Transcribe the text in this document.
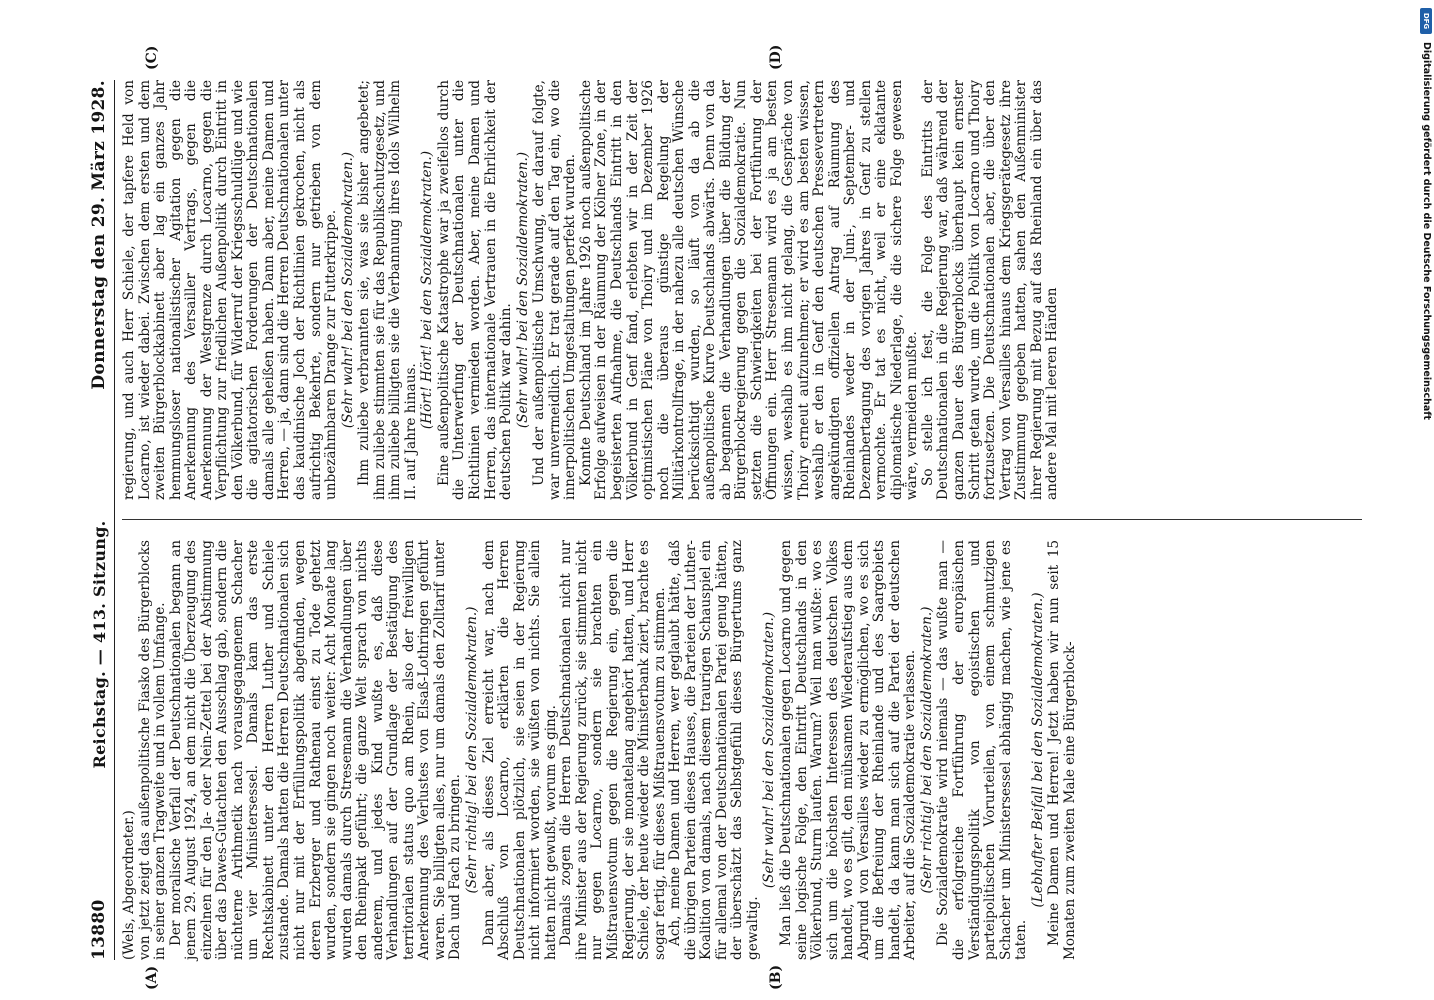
13880
Reichstag. — 413. Sitzung.
Donnerstag den 29. März 1928.
(A)	(B)
(C)	(D)

(Wels, Abgeordneter.) von jetzt zeigt das außenpolitische Fiasko des Bürgerblocks in seiner ganzen Tragweite und in vollem Umfange. Der moralische Verfall der Deutschnationalen begann an jenem 29. August 1924, an dem nicht die Überzeugung des einzelnen für den Ja- oder Nein-Zettel bei der Abstimmung über das Dawes-Gutachten den Ausschlag gab, sondern die nüchterne Arithmetik nach vorausgegangenem Schacher um vier Ministersessel. Damals kam das erste Rechtskabinett unter den Herren Luther und Schiele zustande. Damals hatten die Herren Deutschnationalen sich nicht nur mit der Erfüllungspolitik abgefunden, wegen deren Erzberger und Rathenau einst zu Tode gehetzt wurden, sondern sie gingen noch weiter: Acht Monate lang wurden damals durch Stresemann die Verhandlungen über den Rheinpakt geführt; die ganze Welt sprach von nichts anderem, und jedes Kind wußte es, daß diese Verhandlungen auf der Grundlage der Bestätigung des territorialen status quo am Rhein, also der freiwilligen Anerkennung des Verlustes von Elsaß-Lothringen geführt waren. Sie billigten alles, nur um damals den Zolltarif unter Dach und Fach zu bringen. (Sehr richtig! bei den Sozialdemokraten.) Dann aber, als dieses Ziel erreicht war, nach dem Abschluß von Locarno, erklärten die Herren Deutschnationalen plötzlich, sie seien in der Regierung nicht informiert worden, sie wüßten von nichts. Sie allein hatten nicht gewußt, worum es ging. Damals zogen die Herren Deutschnationalen nicht nur ihre Minister aus der Regierung zurück, sie stimmten nicht nur gegen Locarno, sondern sie brachten ein Mißtrauensvotum gegen die Regierung ein, gegen die Regierung, der sie monatelang angehört hatten, und Herr Schiele, der heute wieder die Ministerbank ziert, brachte es sogar fertig, für dieses Mißtrauensvotum zu stimmen. Ach, meine Damen und Herren, wer geglaubt hätte, daß die übrigen Parteien dieses Hauses, die Parteien der Luther-Koalition von damals, nach diesem traurigen Schauspiel ein für allemal von der Deutschnationalen Partei genug hätten, der überschätzt das Selbstgefühl dieses Bürgertums ganz gewaltig.

(Sehr wahr! bei den Sozialdemokraten.) Man ließ die Deutschnationalen gegen Locarno und gegen seine logische Folge, den Eintritt Deutschlands in den Völkerbund, Sturm laufen. Warum? Weil man wußte: wo es sich um die höchsten Interessen des deutschen Volkes handelt, wo es gilt, den mühsamen Wiederaufstieg aus dem Abgrund von Versailles wieder zu ermöglichen, wo es sich um die Befreiung der Rheinlande und des Saargebiets handelt, da kann man sich auf die Partei der deutschen Arbeiter, auf die Sozialdemokratie verlassen. (Sehr richtig! bei den Sozialdemokraten.) Die Sozialdemokratie wird niemals — das wußte man — die erfolgreiche Fortführung der europäischen Verständigungspolitik von egoistischen und parteipolitischen Vorurteilen, von einem schmutzigen Schacher um Ministersessel abhängig machen, wie jene es taten.

(Lebhafter Beifall bei den Sozialdemokraten.) Meine Damen und Herren! Jetzt haben wir nun seit 15 Monaten zum zweiten Male eine Bürgerblock-

regierung, und auch Herr Schiele, der tapfere Held von Locarno, ist wieder dabei. Zwischen dem ersten und dem zweiten Bürgerblockkabinett aber lag ein ganzes Jahr hemmungsloser nationalistischer Agitation gegen die Anerkennung des Versailler Vertrags, gegen die Anerkennung der Westgrenze durch Locarno, gegen die Verpflichtung zur friedlichen Außenpolitik durch Eintritt in den Völkerbund, für Widerruf der Kriegsschuldlüge und wie die agitatorischen Forderungen der Deutschnationalen damals alle geheißen haben. Dann aber, meine Damen und Herren, — ja, dann sind die Herren Deutschnationalen unter das kaudinische Joch der Richtlinien gekrochen, nicht als aufrichtig Bekehrte, sondern nur getrieben von dem unbezähmbaren Drange zur Futterkrippe. (Sehr wahr! bei den Sozialdemokraten.) Ihm zuliebe verbrannten sie, was sie bisher angebetet; ihm zuliebe stimmten sie für das Republikschutzgesetz, und ihm zuliebe billigten sie die Verbannung ihres Idols Wilhelm II. auf Jahre hinaus.

(Hört! Hört! bei den Sozialdemokraten.) Eine außenpolitische Katastrophe war ja zweifellos durch die Unterwerfung der Deutschnationalen unter die Richtlinien vermieden worden. Aber, meine Damen und Herren, das internationale Vertrauen in die Ehrlichkeit der deutschen Politik war dahin. (Sehr wahr! bei den Sozialdemokraten.) Und der außenpolitische Umschwung, der darauf folgte, war unvermeidlich. Er trat gerade auf den Tag ein, wo die innerpolitischen Umgestaltungen perfekt wurden. Konnte Deutschland im Jahre 1926 noch außenpolitische Erfolge aufweisen in der Räumung der Kölner Zone, in der begeisterten Aufnahme, die Deutschlands Eintritt in den Völkerbund in Genf fand, erlebten wir in der Zeit der optimistischen Pläne von Thoiry und im Dezember 1926 noch die überaus günstige Regelung der Militärkontrollfrage, in der nahezu alle deutschen Wünsche berücksichtigt wurden, so läuft von da ab die außenpolitische Kurve Deutschlands abwärts. Denn von da ab begannen die Verhandlungen über die Bildung der Bürgerblockregierung gegen die Sozialdemokratie. Nun setzten die Schwierigkeiten bei der Fortführung der Öffnungen ein. Herr Stresemann wird es ja am besten wissen, weshalb es ihm nicht gelang, die Gespräche von Thoiry erneut aufzunehmen; er wird es am besten wissen, weshalb er den in Genf den deutschen Pressevertretern angekündigten offiziellen Antrag auf Räumung des Rheinlandes weder in der Juni-, September- und Dezembertagung des vorigen Jahres in Genf zu stellen vermochte. Er tat es nicht, weil er eine eklatante diplomatische Niederlage, die die sichere Folge gewesen wäre, vermeiden mußte. So stelle ich fest, die Folge des Eintritts der Deutschnationalen in die Regierung war, daß während der ganzen Dauer des Bürgerblocks überhaupt kein ernster Schritt getan wurde, um die Politik von Locarno und Thoiry fortzusetzen. Die Deutschnationalen aber, die über den Vertrag von Versailles hinaus dem Kriegsgerätegesetz ihre Zustimmung gegeben hatten, sahen den Außenminister ihrer Regierung mit Bezug auf das Rheinland ein über das andere Mal mit leeren Händen

DFG
Digitalisierung gefördert durch die Deutsche Forschungsgemeinschaft
